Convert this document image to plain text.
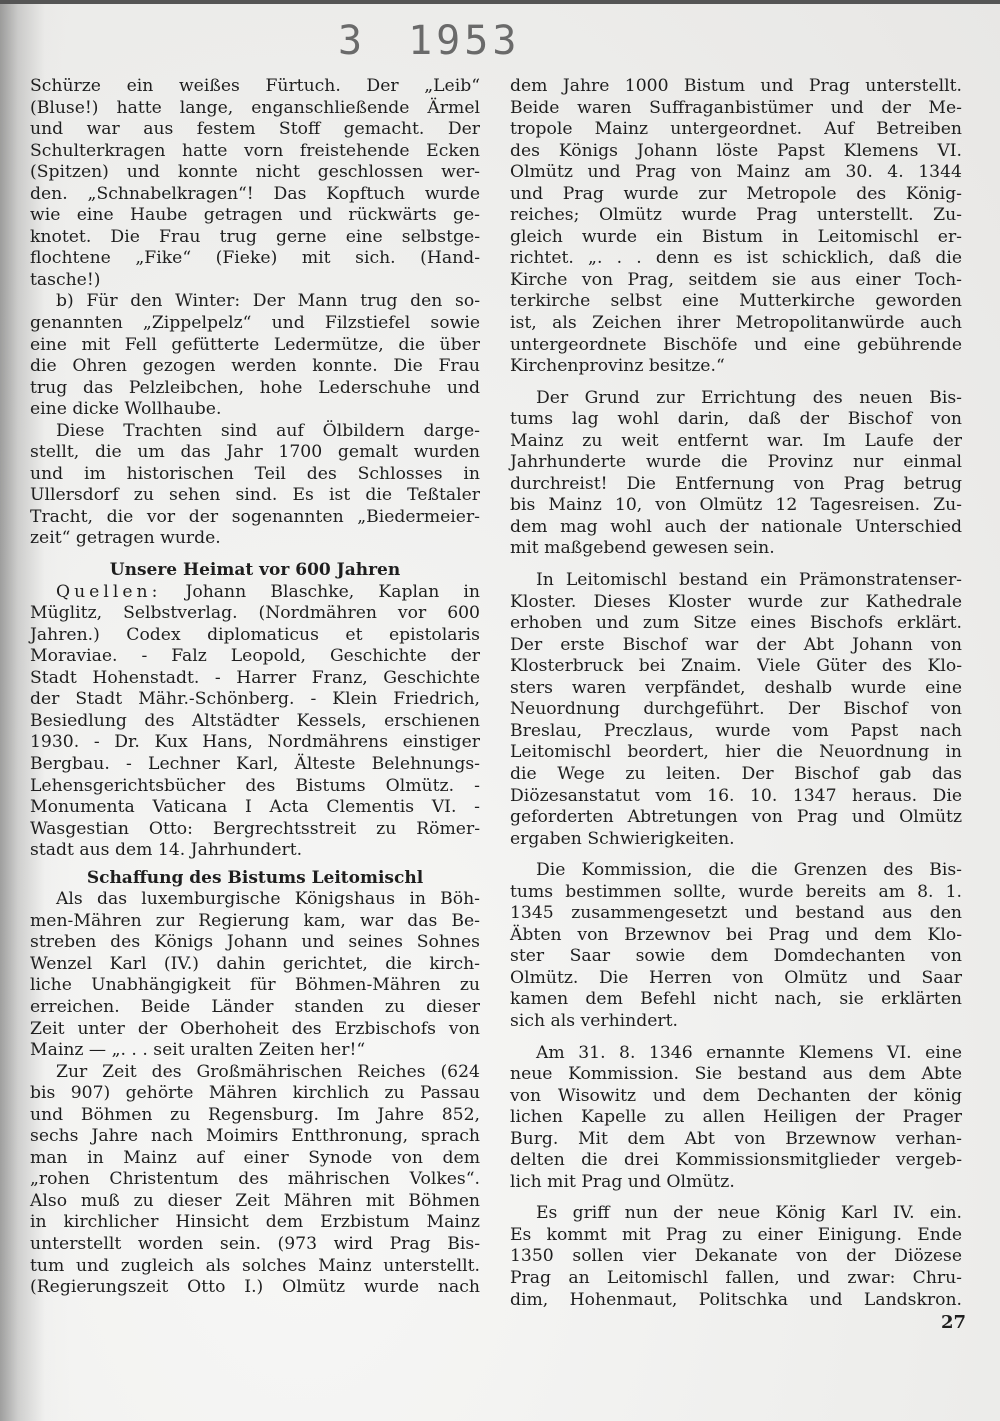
3 1953
Schürze ein weißes Fürtuch. Der „Leib“
(Bluse!) hatte lange, enganschließende Ärmel
und war aus festem Stoff gemacht. Der
Schulterkragen hatte vorn freistehende Ecken
(Spitzen) und konnte nicht geschlossen wer-
den. „Schnabelkragen“! Das Kopftuch wurde
wie eine Haube getragen und rückwärts ge-
knotet. Die Frau trug gerne eine selbstge-
flochtene „Fike“ (Fieke) mit sich. (Hand-
tasche!)
b) Für den Winter: Der Mann trug den so-
genannten „Zippelpelz“ und Filzstiefel sowie
eine mit Fell gefütterte Ledermütze, die über
die Ohren gezogen werden konnte. Die Frau
trug das Pelzleibchen, hohe Lederschuhe und
eine dicke Wollhaube.
Diese Trachten sind auf Ölbildern darge-
stellt, die um das Jahr 1700 gemalt wurden
und im historischen Teil des Schlosses in
Ullersdorf zu sehen sind. Es ist die Teßtaler
Tracht, die vor der sogenannten „Biedermeier-
zeit“ getragen wurde.
Unsere Heimat vor 600 Jahren
Quellen: Johann Blaschke, Kaplan in
Müglitz, Selbstverlag. (Nordmähren vor 600
Jahren.) Codex diplomaticus et epistolaris
Moraviae. - Falz Leopold, Geschichte der
Stadt Hohenstadt. - Harrer Franz, Geschichte
der Stadt Mähr.-Schönberg. - Klein Friedrich,
Besiedlung des Altstädter Kessels, erschienen
1930. - Dr. Kux Hans, Nordmährens einstiger
Bergbau. - Lechner Karl, Älteste Belehnungs-
Lehensgerichtsbücher des Bistums Olmütz. -
Monumenta Vaticana I Acta Clementis VI. -
Wasgestian Otto: Bergrechtsstreit zu Römer-
stadt aus dem 14. Jahrhundert.
Schaffung des Bistums Leitomischl
Als das luxemburgische Königshaus in Böh-
men-Mähren zur Regierung kam, war das Be-
streben des Königs Johann und seines Sohnes
Wenzel Karl (IV.) dahin gerichtet, die kirch-
liche Unabhängigkeit für Böhmen-Mähren zu
erreichen. Beide Länder standen zu dieser
Zeit unter der Oberhoheit des Erzbischofs von
Mainz — „. . . seit uralten Zeiten her!“
Zur Zeit des Großmährischen Reiches (624
bis 907) gehörte Mähren kirchlich zu Passau
und Böhmen zu Regensburg. Im Jahre 852,
sechs Jahre nach Moimirs Entthronung, sprach
man in Mainz auf einer Synode von dem
„rohen Christentum des mährischen Volkes“.
Also muß zu dieser Zeit Mähren mit Böhmen
in kirchlicher Hinsicht dem Erzbistum Mainz
unterstellt worden sein. (973 wird Prag Bis-
tum und zugleich als solches Mainz unterstellt.
(Regierungszeit Otto I.) Olmütz wurde nach
dem Jahre 1000 Bistum und Prag unterstellt.
Beide waren Suffraganbistümer und der Me-
tropole Mainz untergeordnet. Auf Betreiben
des Königs Johann löste Papst Klemens VI.
Olmütz und Prag von Mainz am 30. 4. 1344
und Prag wurde zur Metropole des König-
reiches; Olmütz wurde Prag unterstellt. Zu-
gleich wurde ein Bistum in Leitomischl er-
richtet. „. . . denn es ist schicklich, daß die
Kirche von Prag, seitdem sie aus einer Toch-
terkirche selbst eine Mutterkirche geworden
ist, als Zeichen ihrer Metropolitanwürde auch
untergeordnete Bischöfe und eine gebührende
Kirchenprovinz besitze.“
Der Grund zur Errichtung des neuen Bis-
tums lag wohl darin, daß der Bischof von
Mainz zu weit entfernt war. Im Laufe der
Jahrhunderte wurde die Provinz nur einmal
durchreist! Die Entfernung von Prag betrug
bis Mainz 10, von Olmütz 12 Tagesreisen. Zu-
dem mag wohl auch der nationale Unterschied
mit maßgebend gewesen sein.
In Leitomischl bestand ein Prämonstratenser-
Kloster. Dieses Kloster wurde zur Kathedrale
erhoben und zum Sitze eines Bischofs erklärt.
Der erste Bischof war der Abt Johann von
Klosterbruck bei Znaim. Viele Güter des Klo-
sters waren verpfändet, deshalb wurde eine
Neuordnung durchgeführt. Der Bischof von
Breslau, Preczlaus, wurde vom Papst nach
Leitomischl beordert, hier die Neuordnung in
die Wege zu leiten. Der Bischof gab das
Diözesanstatut vom 16. 10. 1347 heraus. Die
geforderten Abtretungen von Prag und Olmütz
ergaben Schwierigkeiten.
Die Kommission, die die Grenzen des Bis-
tums bestimmen sollte, wurde bereits am 8. 1.
1345 zusammengesetzt und bestand aus den
Äbten von Brzewnov bei Prag und dem Klo-
ster Saar sowie dem Domdechanten von
Olmütz. Die Herren von Olmütz und Saar
kamen dem Befehl nicht nach, sie erklärten
sich als verhindert.
Am 31. 8. 1346 ernannte Klemens VI. eine
neue Kommission. Sie bestand aus dem Abte
von Wisowitz und dem Dechanten der könig
lichen Kapelle zu allen Heiligen der Prager
Burg. Mit dem Abt von Brzewnow verhan-
delten die drei Kommissionsmitglieder vergeb-
lich mit Prag und Olmütz.
Es griff nun der neue König Karl IV. ein.
Es kommt mit Prag zu einer Einigung. Ende
1350 sollen vier Dekanate von der Diözese
Prag an Leitomischl fallen, und zwar: Chru-
dim, Hohenmaut, Politschka und Landskron.
27
